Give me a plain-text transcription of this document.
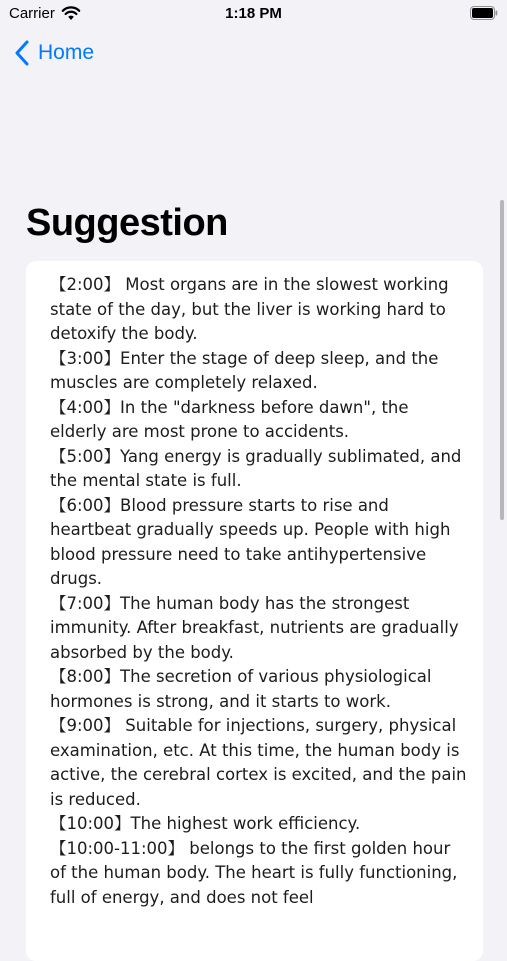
Carrier	1:18 PM
Home
Suggestion

【2:00】 Most organs are in the slowest working state of the day, but the liver is working hard to detoxify the body.
【3:00】Enter the stage of deep sleep, and the muscles are completely relaxed.
【4:00】In the "darkness before dawn", the elderly are most prone to accidents.
【5:00】Yang energy is gradually sublimated, and the mental state is full.
【6:00】Blood pressure starts to rise and heartbeat gradually speeds up. People with high blood pressure need to take antihypertensive drugs.
【7:00】The human body has the strongest immunity. After breakfast, nutrients are gradually absorbed by the body.
【8:00】The secretion of various physiological hormones is strong, and it starts to work.
【9:00】 Suitable for injections, surgery, physical examination, etc. At this time, the human body is active, the cerebral cortex is excited, and the pain is reduced.
【10:00】The highest work efficiency.
【10:00-11:00】 belongs to the first golden hour of the human body. The heart is fully functioning, full of energy, and does not feel
